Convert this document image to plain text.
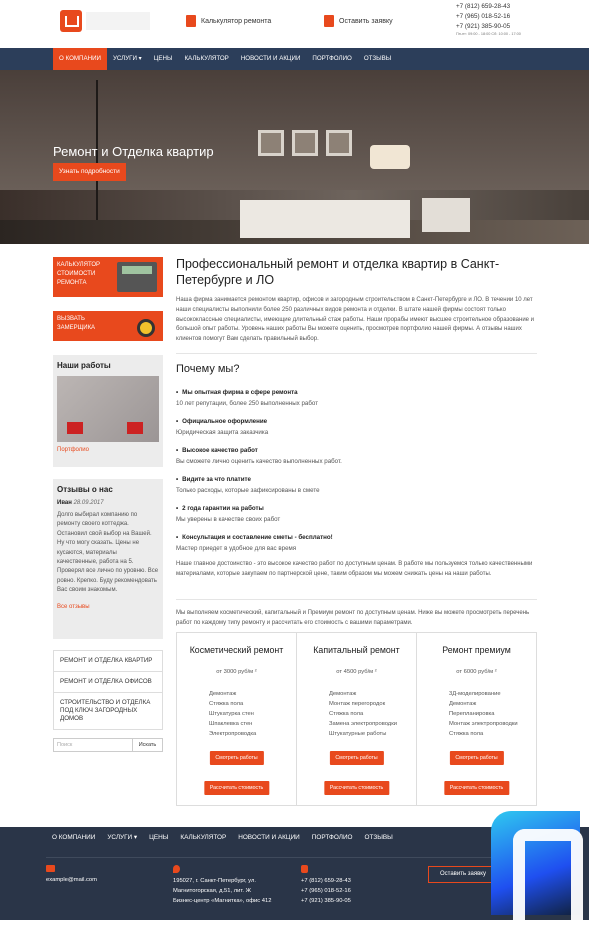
Калькулятор ремонта	Оставить заявку
+7 (812) 659-28-43
+7 (965) 018-52-16
+7 (921) 385-90-05
Пн-пт: 09:00 - 18:00 Сб: 10:00 - 17:00
О КОМПАНИИ	УСЛУГИ ▾	ЦЕНЫ	КАЛЬКУЛЯТОР	НОВОСТИ И АКЦИИ	ПОРТФОЛИО	ОТЗЫВЫ
Ремонт и Отделка квартир
Узнать подробности
КАЛЬКУЛЯТОР СТОИМОСТИ РЕМОНТА
ВЫЗВАТЬ ЗАМЕРЩИКА
Наши работы
Портфолио
Отзывы о нас
Иван 28.09.2017

Долго выбирал компанию по ремонту своего коттеджа. Остановил свой выбор на Вашей. Ну что могу сказать. Цены не кусаются, материалы качественные, работа на 5. Проверял все лично по уровню. Все ровно. Крепко. Буду рекомендовать Вас своим знакомым.

Все отзывы
РЕМОНТ И ОТДЕЛКА КВАРТИР
РЕМОНТ И ОТДЕЛКА ОФИСОВ
СТРОИТЕЛЬСТВО И ОТДЕЛКА ПОД КЛЮЧ ЗАГОРОДНЫХ ДОМОВ
Поиск	Искать
Профессиональный ремонт и отделка квартир в Санкт-Петербурге и ЛО

Наша фирма занимается ремонтом квартир, офисов и загородным строительством в Санкт-Петербурге и ЛО. В течении 10 лет наши специалисты выполнили более 250 различных видов ремонта и отделки. В штате нашей фирмы состоят только высококлассные специалисты, имеющие длительный стаж работы. Наши прорабы имеют высшее строительное образование и большой опыт работы. Уровень наших работы Вы можете оценить, просмотрев портфолио нашей фирмы. А отзывы наших клиентов помогут Вам сделать правильный выбор.

Почему мы?
• Мы опытная фирма в сфере ремонта
10 лет репутации, более 250 выполненных работ
• Официальное оформление
Юридическая защита заказчика
• Высокое качество работ
Вы сможете лично оценить качество выполненных работ.
• Видите за что платите
Только расходы, которые зафиксированы в смете
• 2 года гарантии на работы
Мы уверены в качестве своих работ
• Консультация и составление сметы - бесплатно!
Мастер приедет в удобное для вас время

Наше главное достоинство - это высокое качество работ по доступным ценам. В работе мы пользуемся только качественными материалами, которые закупаем по партнерской цене, таким образом мы можем снижать цены на наши работы.

Мы выполняем косметический, капитальный и Премиум ремонт по доступным ценам. Ниже вы можете просмотреть перечень работ по каждому типу ремонту и рассчитать его стоимость с вашими параметрами.

Косметический ремонт
от 3000 руб/м ²
Демонтаж
Стяжка пола
Штукатурка стен
Шпаклевка стен
Электропроводка
Смотреть работы
Рассчитать стоимость
Капитальный ремонт
от 4500 руб/м ²
Демонтаж
Монтаж перегородок
Стяжка пола
Замена электропроводки
Штукатурные работы
Смотреть работы
Рассчитать стоимость
Ремонт премиум
от 6000 руб/м ²
3Д-моделирование
Демонтаж
Перепланировка
Монтаж электропроводки
Стяжка пола
Смотреть работы
Рассчитать стоимость
О КОМПАНИИ	УСЛУГИ ▾	ЦЕНЫ	КАЛЬКУЛЯТОР	НОВОСТИ И АКЦИИ	ПОРТФОЛИО	ОТЗЫВЫ
example@mail.com	195027, г. Санкт-Петербург, ул.
Магнитогорская, д.51, лит. Ж
Бизнес-центр «Магнитка», офис 412
+7 (812) 659-28-43
+7 (965) 018-52-16
+7 (921) 385-90-05
Оставить заявку
